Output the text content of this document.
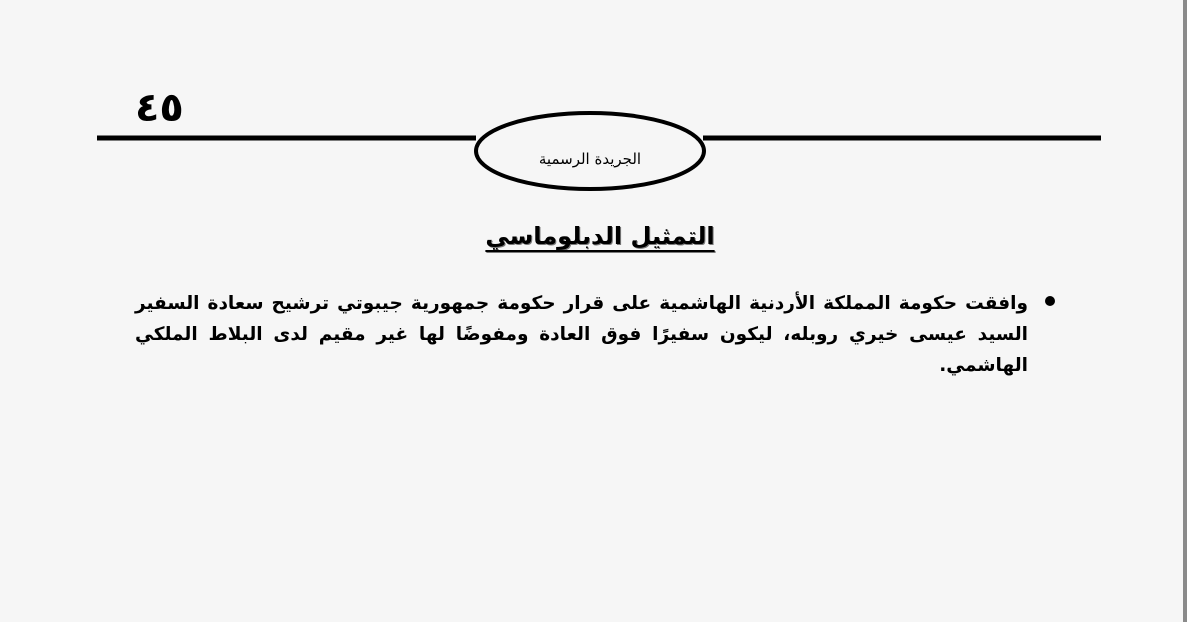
٤٥
الجريدة الرسمية
التمثيل الدبلوماسي
وافقت حكومة المملكة الأردنية الهاشمية على قرار حكومة جمهورية جيبوتي ترشيح سعادة السفير السيد عيسى خيري روبله، ليكون سفيرًا فوق العادة ومفوضًا لها غير مقيم لدى البلاط الملكي الهاشمي.
